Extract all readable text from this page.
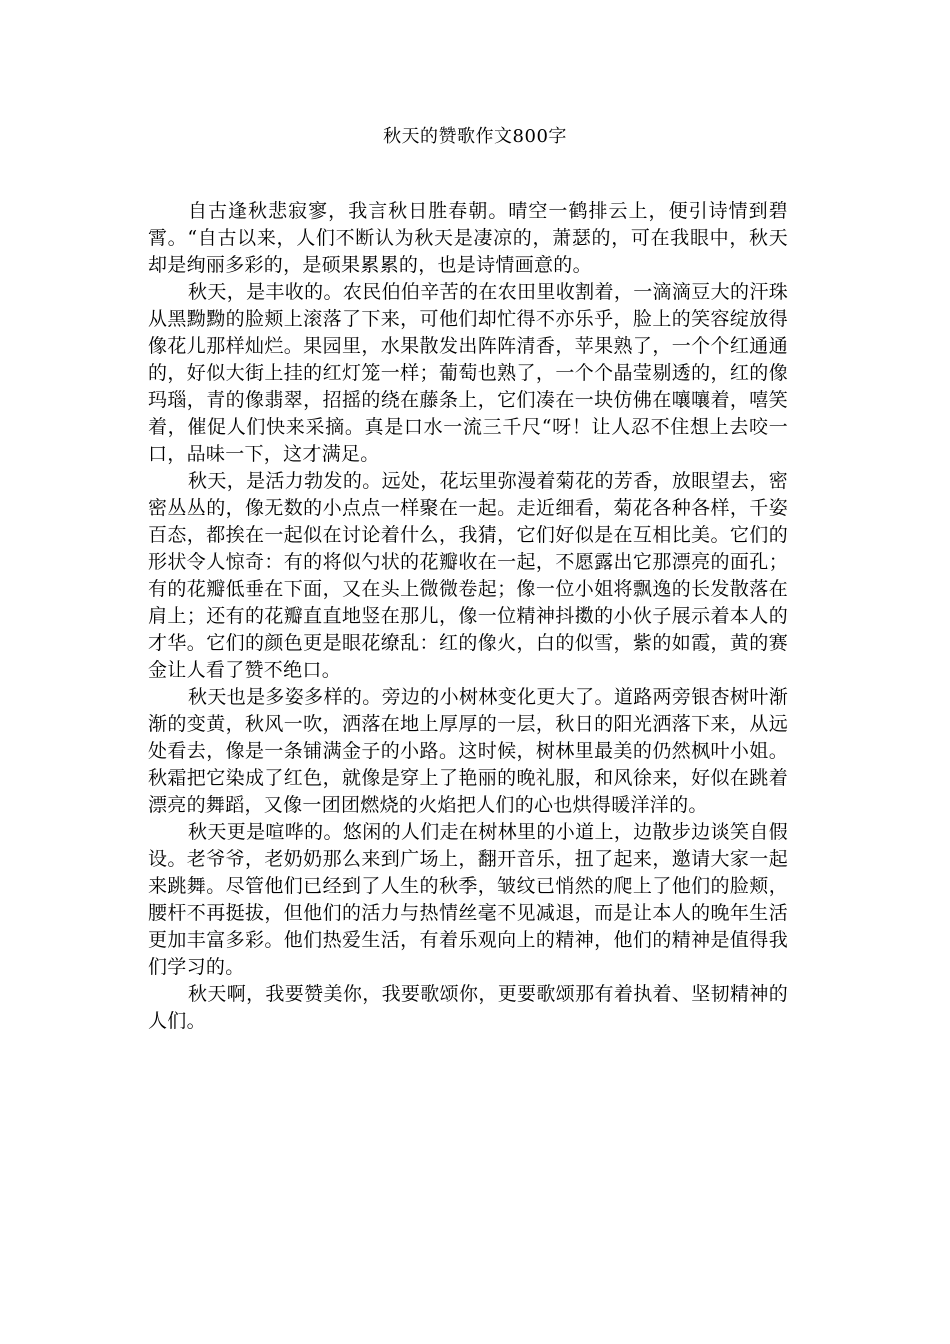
秋天的赞歌作文800字

自古逢秋悲寂寥，我言秋日胜春朝。晴空一鹤排云上，便引诗情到碧霄。“自古以来，人们不断认为秋天是凄凉的，萧瑟的，可在我眼中，秋天却是绚丽多彩的，是硕果累累的，也是诗情画意的。

秋天，是丰收的。农民伯伯辛苦的在农田里收割着，一滴滴豆大的汗珠从黑黝黝的脸颊上滚落了下来，可他们却忙得不亦乐乎，脸上的笑容绽放得像花儿那样灿烂。果园里，水果散发出阵阵清香，苹果熟了，一个个红通通的，好似大街上挂的红灯笼一样；葡萄也熟了，一个个晶莹剔透的，红的像玛瑙，青的像翡翠，招摇的绕在藤条上，它们凑在一块仿佛在嚷嚷着，嘻笑着，催促人们快来采摘。真是口水一流三千尺“呀！让人忍不住想上去咬一口，品味一下，这才满足。

秋天，是活力勃发的。远处，花坛里弥漫着菊花的芳香，放眼望去，密密丛丛的，像无数的小点点一样聚在一起。走近细看，菊花各种各样，千姿百态，都挨在一起似在讨论着什么，我猜，它们好似是在互相比美。它们的形状令人惊奇：有的将似勺状的花瓣收在一起，不愿露出它那漂亮的面孔；有的花瓣低垂在下面，又在头上微微卷起；像一位小姐将飘逸的长发散落在肩上；还有的花瓣直直地竖在那儿，像一位精神抖擞的小伙子展示着本人的才华。它们的颜色更是眼花缭乱：红的像火，白的似雪，紫的如霞，黄的赛金让人看了赞不绝口。

秋天也是多姿多样的。旁边的小树林变化更大了。道路两旁银杏树叶渐渐的变黄，秋风一吹，洒落在地上厚厚的一层，秋日的阳光洒落下来，从远处看去，像是一条铺满金子的小路。这时候，树林里最美的仍然枫叶小姐。秋霜把它染成了红色，就像是穿上了艳丽的晚礼服，和风徐来，好似在跳着漂亮的舞蹈，又像一团团燃烧的火焰把人们的心也烘得暖洋洋的。

秋天更是喧哗的。悠闲的人们走在树林里的小道上，边散步边谈笑自假设。老爷爷，老奶奶那么来到广场上，翻开音乐，扭了起来，邀请大家一起来跳舞。尽管他们已经到了人生的秋季，皱纹已悄然的爬上了他们的脸颊，腰杆不再挺拔，但他们的活力与热情丝毫不见减退，而是让本人的晚年生活更加丰富多彩。他们热爱生活，有着乐观向上的精神，他们的精神是值得我们学习的。

秋天啊，我要赞美你，我要歌颂你，更要歌颂那有着执着、坚韧精神的人们。
